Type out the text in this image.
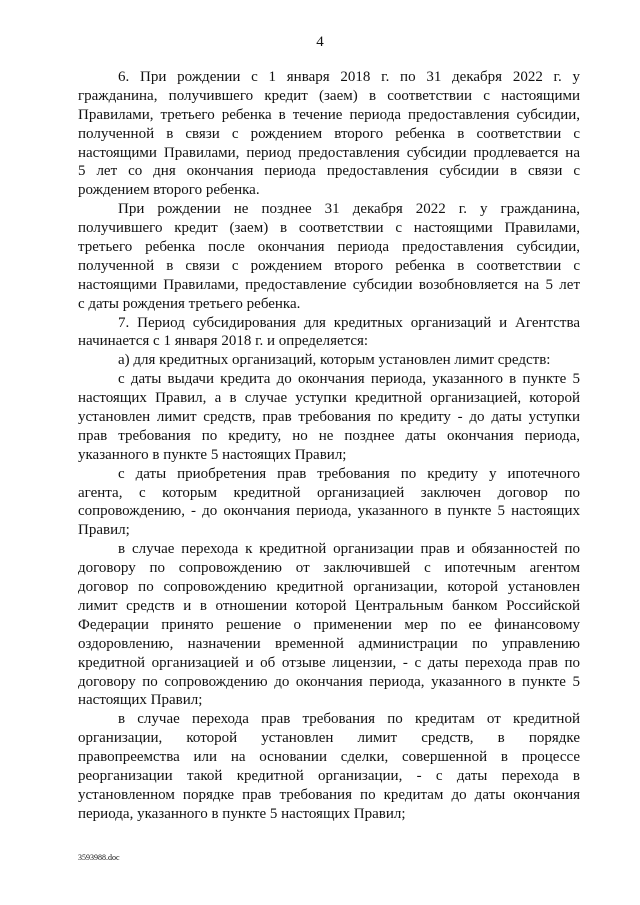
4
6. При рождении с 1 января 2018 г. по 31 декабря 2022 г. у
гражданина, получившего кредит (заем) в соответствии с настоящими
Правилами, третьего ребенка в течение периода предоставления субсидии,
полученной в связи с рождением второго ребенка в соответствии с
настоящими Правилами, период предоставления субсидии продлевается на
5 лет со дня окончания периода предоставления субсидии в связи с
рождением второго ребенка.
При рождении не позднее 31 декабря 2022 г. у гражданина,
получившего кредит (заем) в соответствии с настоящими Правилами,
третьего ребенка после окончания периода предоставления субсидии,
полученной в связи с рождением второго ребенка в соответствии с
настоящими Правилами, предоставление субсидии возобновляется на 5 лет
с даты рождения третьего ребенка.
7. Период субсидирования для кредитных организаций и Агентства
начинается с 1 января 2018 г. и определяется:
а) для кредитных организаций, которым установлен лимит средств:
с даты выдачи кредита до окончания периода, указанного в пункте 5
настоящих Правил, а в случае уступки кредитной организацией, которой
установлен лимит средств, прав требования по кредиту - до даты уступки
прав требования по кредиту, но не позднее даты окончания периода,
указанного в пункте 5 настоящих Правил;
с даты приобретения прав требования по кредиту у ипотечного
агента, с которым кредитной организацией заключен договор по
сопровождению, - до окончания периода, указанного в пункте 5 настоящих
Правил;
в случае перехода к кредитной организации прав и обязанностей по
договору по сопровождению от заключившей с ипотечным агентом
договор по сопровождению кредитной организации, которой установлен
лимит средств и в отношении которой Центральным банком Российской
Федерации принято решение о применении мер по ее финансовому
оздоровлению, назначении временной администрации по управлению
кредитной организацией и об отзыве лицензии, - с даты перехода прав по
договору по сопровождению до окончания периода, указанного в пункте 5
настоящих Правил;
в случае перехода прав требования по кредитам от кредитной
организации, которой установлен лимит средств, в порядке
правопреемства или на основании сделки, совершенной в процессе
реорганизации такой кредитной организации, - с даты перехода в
установленном порядке прав требования по кредитам до даты окончания
периода, указанного в пункте 5 настоящих Правил;
3593988.doc
